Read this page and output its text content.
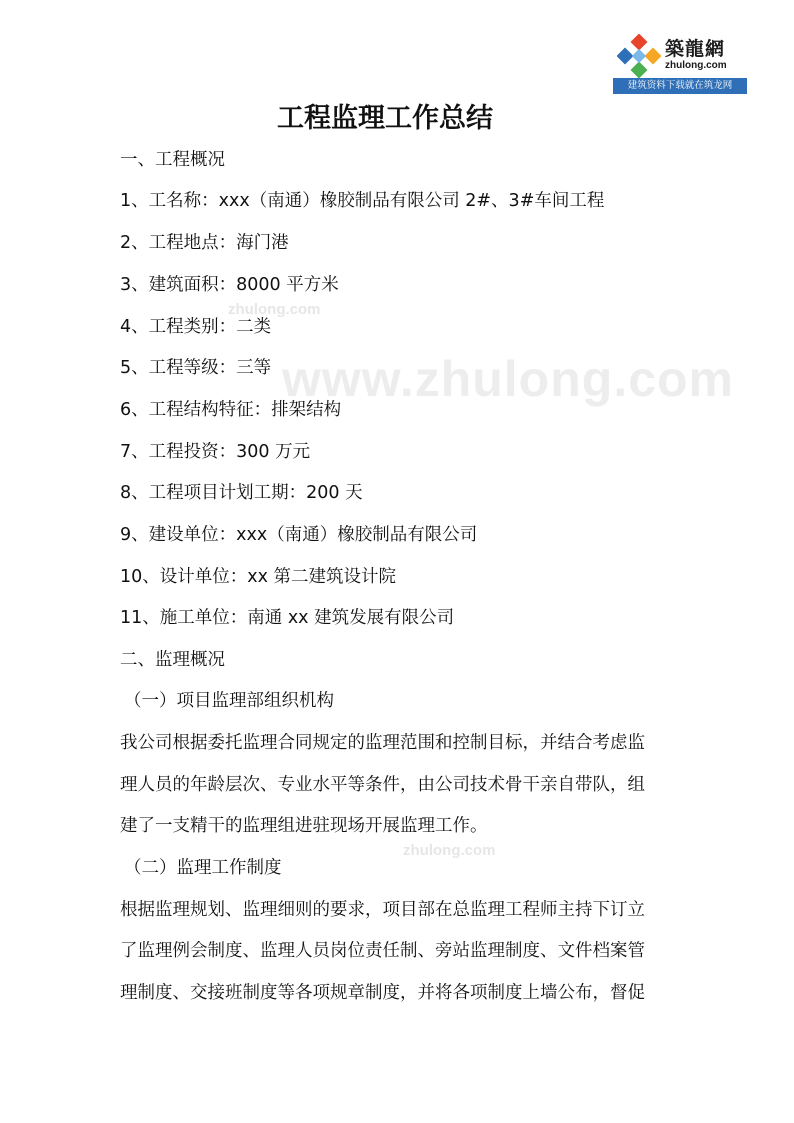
築龍網
zhulong.com
建筑资料下载就在筑龙网
zhulong.com
www.zhulong.com
zhulong.com
工程监理工作总结
一、工程概况
1、工名称：xxx（南通）橡胶制品有限公司 2#、3#车间工程
2、工程地点：海门港
3、建筑面积：8000 平方米
4、工程类别：二类
5、工程等级：三等
6、工程结构特征：排架结构
7、工程投资：300 万元
8、工程项目计划工期：200 天
9、建设单位：xxx（南通）橡胶制品有限公司
10、设计单位：xx 第二建筑设计院
11、施工单位：南通 xx 建筑发展有限公司
二、监理概况
（一）项目监理部组织机构
我公司根据委托监理合同规定的监理范围和控制目标，并结合考虑监
理人员的年龄层次、专业水平等条件，由公司技术骨干亲自带队，组
建了一支精干的监理组进驻现场开展监理工作。
（二）监理工作制度
根据监理规划、监理细则的要求，项目部在总监理工程师主持下订立
了监理例会制度、监理人员岗位责任制、旁站监理制度、文件档案管
理制度、交接班制度等各项规章制度，并将各项制度上墙公布，督促
